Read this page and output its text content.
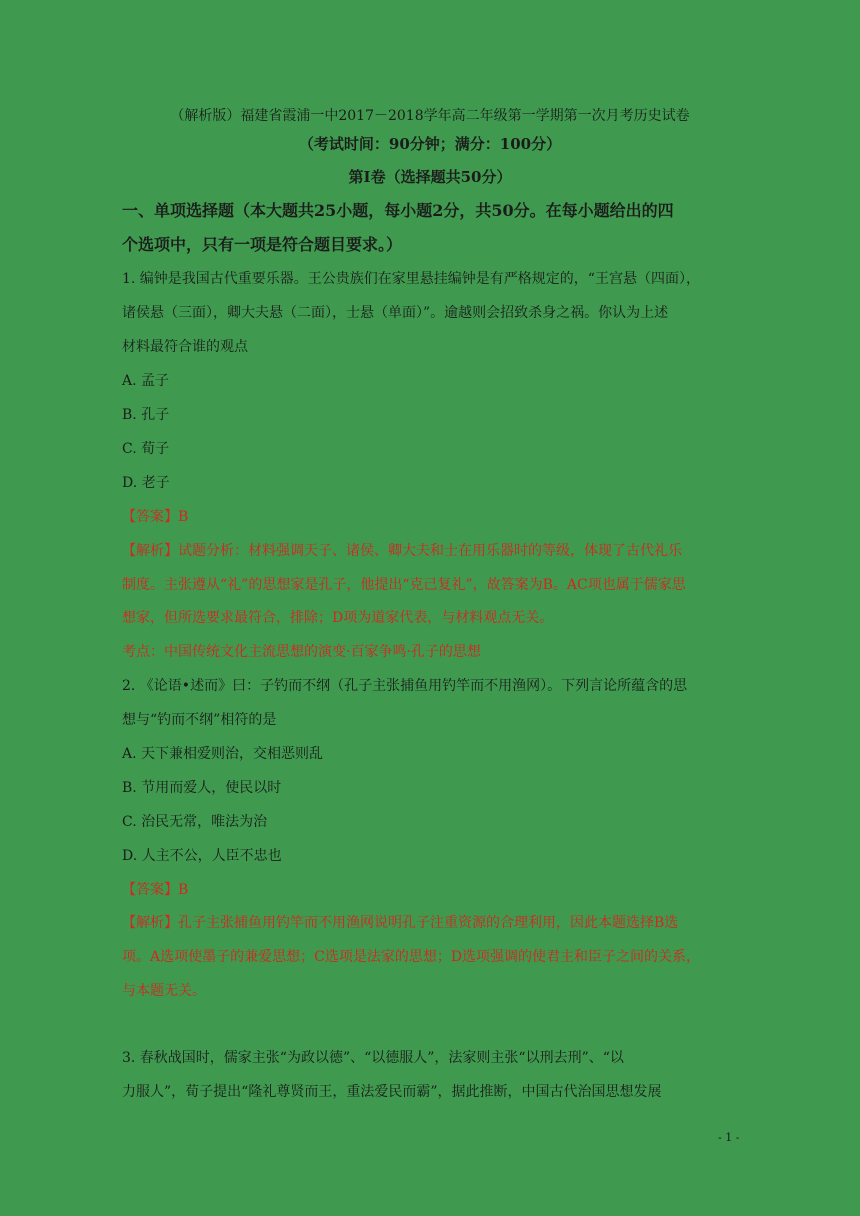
（解析版）福建省霞浦一中2017－2018学年高二年级第一学期第一次月考历史试卷
（考试时间：90分钟；满分：100分）
第Ⅰ卷（选择题共50分）
一、单项选择题（本大题共25小题，每小题2分，共50分。在每小题给出的四
个选项中，只有一项是符合题目要求。）
1. 编钟是我国古代重要乐器。王公贵族们在家里悬挂编钟是有严格规定的，“王宫悬（四面），
诸侯悬（三面），卿大夫悬（二面），士悬（单面）”。逾越则会招致杀身之祸。你认为上述
材料最符合谁的观点
A. 孟子
B. 孔子
C. 荀子
D. 老子
【答案】B
【解析】试题分析：材料强调天子、诸侯、卿大夫和士在用乐器时的等级，体现了古代礼乐
制度。主张遵从“礼”的思想家是孔子，他提出“克己复礼”，故答案为B。AC项也属于儒家思
想家，但所选要求最符合，排除；D项为道家代表，与材料观点无关。
考点：中国传统文化主流思想的演变·百家争鸣·孔子的思想
2. 《论语•述而》曰：子钓而不纲（孔子主张捕鱼用钓竿而不用渔网）。下列言论所蕴含的思
想与“钓而不纲”相符的是
A. 天下兼相爱则治，交相恶则乱
B. 节用而爱人，使民以时
C. 治民无常，唯法为治
D. 人主不公，人臣不忠也
【答案】B
【解析】孔子主张捕鱼用钓竿而不用渔网说明孔子注重资源的合理利用，因此本题选择B选
项。A选项使墨子的兼爱思想；C选项是法家的思想；D选项强调的使君主和臣子之间的关系，
与本题无关。
3. 春秋战国时，儒家主张“为政以德”、“以德服人”，法家则主张“以刑去刑”、“以
力服人”，荀子提出“隆礼尊贤而王，重法爱民而霸”，据此推断，中国古代治国思想发展
- 1 -
